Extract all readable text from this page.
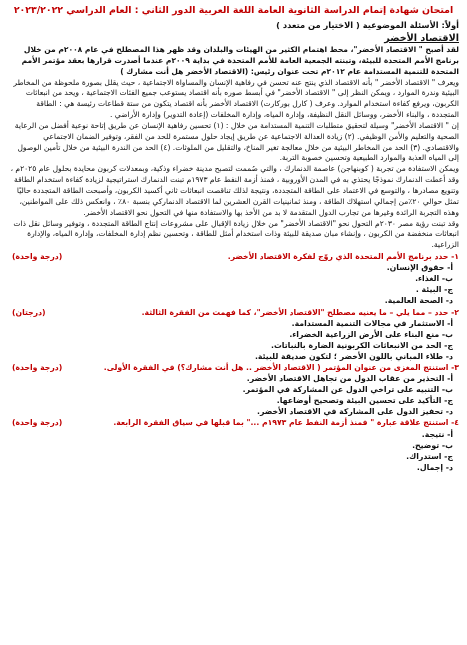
امتحان شهادة إتمام الدراسة الثانوية العامة اللغة العربية الدور الثاني : العام الدراسي ٢٠٢٣/٢٠٢٢
أولاً: الأسئلة الموضوعية ( الاختيار من متعدد )
الاقتصاد الأخضر

لقد أصبح " الاقتصاد الأخضر"، محط اهتمام الكثير من الهيئات والبلدان وقد ظهر هذا المصطلح في عام ٢٠٠٨م من خلال برنامج الأمم المتحدة للبيئة، وتبنته الجمعية العامة للأمم المتحدة في بداية ٢٠٠٩م عندما أصدرت قرارها بعقد مؤتمر الأمم المتحدة للتنمية المستدامة عام ٢٠١٢م تحت عنوان رئيس: (الاقتصاد الأخضر هل أنت مشارك )

ويعرف " الاقتصاد الأخضر " بأنه الاقتصاد الذي ينتج عنه تحسن في رفاهية الإنسان والمساواة الاجتماعية ، حيث يقلل بصورة ملحوظة من المخاطر البيئية وندرة الموارد ، ويمكن النظر إلى " الاقتصاد الأخضر" في أبسط صوره بأنه اقتصاد يستوعب جميع الفئات الاجتماعية ، ويحد من انبعاثات الكربون، ويرفع كفاءة استخدام الموارد. وعرف ( كارل بوركارت) الاقتصاد الأخضر بأنه اقتصاد يتكون من ستة قطاعات رئيسة هي : الطاقة المتجددة ، والبناء الأخضر، ووسائل النقل النظيفة، وإدارة المياه، وإدارة المخلفات (إعادة التدوير) وإدارة الأراضي .

إن " الاقتصاد الأخضر" وسيلة لتحقيق متطلبات التنمية المستدامة من خلال : (١) تحسين رفاهية الإنسان عن طريق إتاحة نوعية أفضل من الرعاية الصحية والتعليم والأمن الوظيفي. (٢) زيادة العدالة الاجتماعية عن طريق إيجاد حلول مستمرة للحد من الفقر، وتوفير الضمان الاجتماعي والاقتصادي. (٣) الحد من المخاطر البيئية من خلال معالجة تغير المناخ، والتقليل من الملوثات. (٤) الحد من الندرة البيئية من خلال تأمين الوصول إلى المياه العذبة والموارد الطبيعية وتحسين خصوبة التربة.

ويمكن الاستفادة من تجربة ( كوبنهاجن) عاصمة الدنمارك ، والتي صُممت لتصبح مدينة خضراء وذكية، وبمعدلات كربون محايدة بحلول عام ٢٠٢٥م ، وقد أعطت الدنمارك نموذجًا يحتذي به في المدن الأوروبية ، فمنذ أزمة النفط عام ١٩٧٣م تبنت الدنمارك استراتيجية لزيادة كفاءة استخدام الطاقة وتنويع مصادرها ، والتوسع في الاعتماد على الطاقة المتجددة، ونتيجة لذلك تناقصت انبعاثات ثاني أكسيد الكربون، وأصبحت الطاقة المتجددة حاليًا تمثل حوالي ٢٠٪من إجمالي استهلاك الطاقة ، ومنذ ثمانينيات القرن العشرين لما الاقتصاد الدنماركي بنسبة ٨٠٪ ، وانعكس ذلك على المواطنين، وهذه التجربة الرائدة وغيرها من تجارب الدول المتقدمة لا بد من الأخذ بها والاستفادة منها في التحول نحو الاقتصاد الأخضر.

وقد تبنت رؤية مصر ٢٠٣٠م التحول نحو "الاقتصاد الأخضر" من خلال زيادة الإقبال على مشروعات إنتاج الطاقة المتجددة ، وتوفير وسائل نقل ذات انبعاثات منخفضة من الكربون ، وإنشاء مبان صديقة للبيئة وذات استخدام أمثل للطاقة ، وتحسين نظم إدارة المخلفات، وإدارة المياه، والإدارة الزراعية.

١- حدد برنامج الأمم المتحدة الذي روّج لفكرة الاقتصاد الأخضر.
(درجة واحدة)
أ- حقوق الإنسان.
ب- الغذاء.
ج- البيئة .
د- الصحة العالمية.
٢- حدد – مما يلي – ما يعنيه مصطلح "الاقتصاد الأخضر"، كما فهمت من الفقرة الثالثة.
(درجتان)
أ- الاستثمار في مجالات التنمية المستدامة.
ب- منع البناء على الأرض الزراعية الخضراء.
ج- الحد من الانبعاثات الكربونية الضارة بالنباتات.
د- طلاء المباني باللون الأخضر ؛ لتكون صديقة للبيئة.
٣- استنتج المغزى من عنوان المؤتمر ( الاقتصاد الأخضر .. هل أنت مشارك؟) في الفقرة الأولى.
(درجة واحدة)
أ- التحذير من عقاب الدول من تجاهل الاقتصاد الأخضر.
ب- التنبيه على تراخي الدول عن المشاركة في المؤتمر.
ج- التأكيد على تحسين البيئة وتصحيح أوضاعها.
د- تحفيز الدول على المشاركة في الاقتصاد الأخضر.
٤- استنتج علاقة عبارة " فمنذ أزمة النفط عام ١٩٧٣م ..." بما قبلها في سياق الفقرة الرابعة.
(درجة واحدة)
أ- نتيجة.
ب- توضيح.
ج- استدراك.
د- إجمال.
